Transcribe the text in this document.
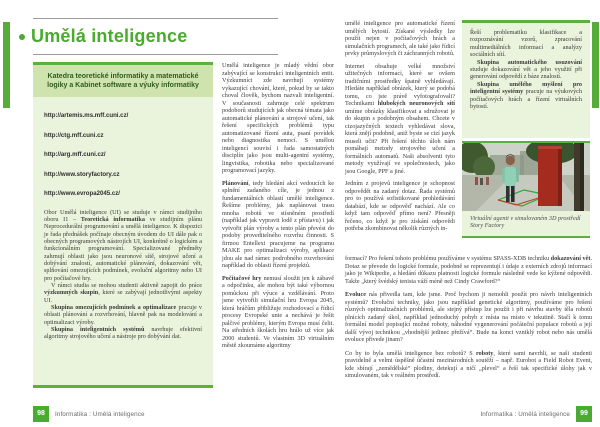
Umělá inteligence
Katedra teoretické informatiky a matematické logiky a Kabinet software a výuky informatiky
http://artemis.ms.mff.cuni.cz/
http://ctg.mff.cuni.cz
http://arg.mff.cuni.cz/
http://www.storyfactory.cz
http://www.evropa2045.cz/

Obor Umělá inteligence (UI) se studuje v rámci studijního oboru I1 – Teoretická informatika ve studijním plánu Neprocedurální programování a umělá inteligence. K dispozici je řada přednášek počínaje obecným úvodem do UI dále pak o obecných programových nástrojích UI, konkrétně o logickém a funkcionálním programování. Specializované předměty zahrnují oblasti jako jsou neuronové sítě, strojové učení a dobývání znalostí, automatické plánování, dokazování vět, splňování omezujících podmínek, evoluční algoritmy nebo UI pro počítačové hry.

V rámci studia se mohou studenti aktivně zapojit do práce výzkumných skupin, které se zabývají jednotlivými aspekty UI.

Skupina omezujících podmínek a optimalizace pracuje v oblasti plánování a rozvrhování, hlavně pak na modelování a optimalizaci výroby.

Skupina inteligentních systémů navrhuje efektivní algoritmy strojového učení a nástroje pro dobývání dat.

Umělá inteligence je mladý vědní obor zabývající se konstrukcí inteligentních entit. Výzkumníci zde navrhují systémy vykazující chování, které, pokud by se takto choval člověk, bychom nazvali inteligentní. V současnosti zahrnuje celé spektrum podoborů studujících jak obecná témata jako automatické plánování a strojové učení, tak řešení specifických problémů typu automatizované řízení auta, psaní povídek nebo diagnostika nemocí. S umělou inteligencí souvisí i řada samostatných disciplín jako jsou multi-agentní systémy, lingvistika, robotika nebo specializované programovací jazyky.

Plánování, tedy hledání akcí vedoucích ke splnění zadaného cíle, je jednou z fundamentálních oblastí umělé inteligence. Řešíme problémy, jak naplánovat trasu mnoha robotů ve stísněném prostředí (například jak vypravit lodě z přístavu) i jak vytvořit plán výroby a tento plán převést do podoby proveditelného rozvrhu činnosti. S firmou Entellexi pracujeme na programu MAKE pro optimalizaci výroby, aplikace jdou ale nad rámec podrobného rozvrhování například do oblasti řízení projektů.

Počítačové hry nemusí sloužit jen k zábavě a odpočinku, ale mohou být také výbornou pomůckou při výuce a vzdělávání. Proto jsme vytvořili simulační hru Evropa 2045, která hráčům přibližuje rozhodovací a řídicí procesy Evropské unie a nechává je řešit palčivé problémy, kterým Evropa musí čelit. Na středních školách hru hrálo už více jak 2000 studentů. Ve vlastním 3D virtuálním městě zkoumáme algoritmy

umělé inteligence pro automatické řízení umělých bytostí. Získané výsledky lze použít nejen v počítačových hrách a simulačních programech, ale také jako řídicí prvky průmyslových či záchranných robotů.

Internet obsahuje velké množství užitečných informací, které se ovšem tradičními prostředky špatně vyhledávají. Hledáte například obrázek, který se podobá tomu, co jste právě vyfotografovali? Technikami hlubokých neuronových sítí umíme obrázky klasifikovat a sdružovat je do skupin s podobným obsahem. Chcete v cizojazyčných textech vyhledávat slova, která znějí podobně, aniž byste se cizí jazyk museli učit? Při řešení těchto úloh nám pomáhají metody strojového učení a formálních automatů. Naši absolventi tyto metody využívají ve společnostech, jako jsou Google, PPF a jiné.

Jedním z projevů inteligence je schopnost odpovědět na zadaný dotaz. Řada systémů pro to používá sofistikované prohledávání databází, kde se odpověď nachází. Ale co když tam odpověď přímo není? Přesněji řečeno, co když je pro získání odpovědi potřeba zkombinovat několik různých in-

Řeší problematiku klasifikace a rozpoznávání vzorů, zpracování multimediálních informací a analýzy sociálních sítí.

Skupina automatického usuzování studuje dokazování vět a jeho využití při generování odpovědí z báze znalostí.

Skupina umělého myšlení pro inteligentní systémy pracuje na výukových počítačových hrách a řízení virtuálních bytostí.

Virtuální agenti v simulovaném 3D prostředí Story Factory

formací? Pro řešení tohoto problému používáme v systému SPASS-XDB techniku dokazování vět. Dotaz se převede do logické formule, podobně se reprezentují i údaje z externích zdrojů informací jako je Wikipedie, a hledání důkazu platnosti logické formule následně vede ke kýžené odpovědi. Takže „který švédský tenista váží méně než Cindy Crawford?“

Evoluce nás přivedla tam, kde jsme. Proč bychom ji nemohli použít pro návrh inteligentních systémů? Evoluční techniky, jako jsou například genetické algoritmy, používáme pro řešení různých optimalizačních problémů, ale stejný přístup lze použít i při návrhu stavby těla robotů plnících zadaný úkol, například jednoduchý pohyb z místa na místo v tekutině. Stačí k tomu formální model popisující možné roboty, náhodné vygenerování počáteční populace robotů a její další vývoj technikou „vhodnější jedinec přežívá“. Bude na konci vzniklý robot nebo nás umělá evoluce přivede jinam?

Co by to byla umělá inteligence bez robotů? S roboty, které sami navrhli, se naši studenti pravidelně a velmi úspěšně účastní mezinárodních soutěží – např. Eurobot a Field Robot Event, kde sbírají „zemědělské“ plodiny, detekují a ničí „plevel“ a řeší tak specifické úlohy jak v simulovaném, tak v reálném prostředí.

98	Informatika : Umělá inteligence	Informatika : Umělá inteligence	99
